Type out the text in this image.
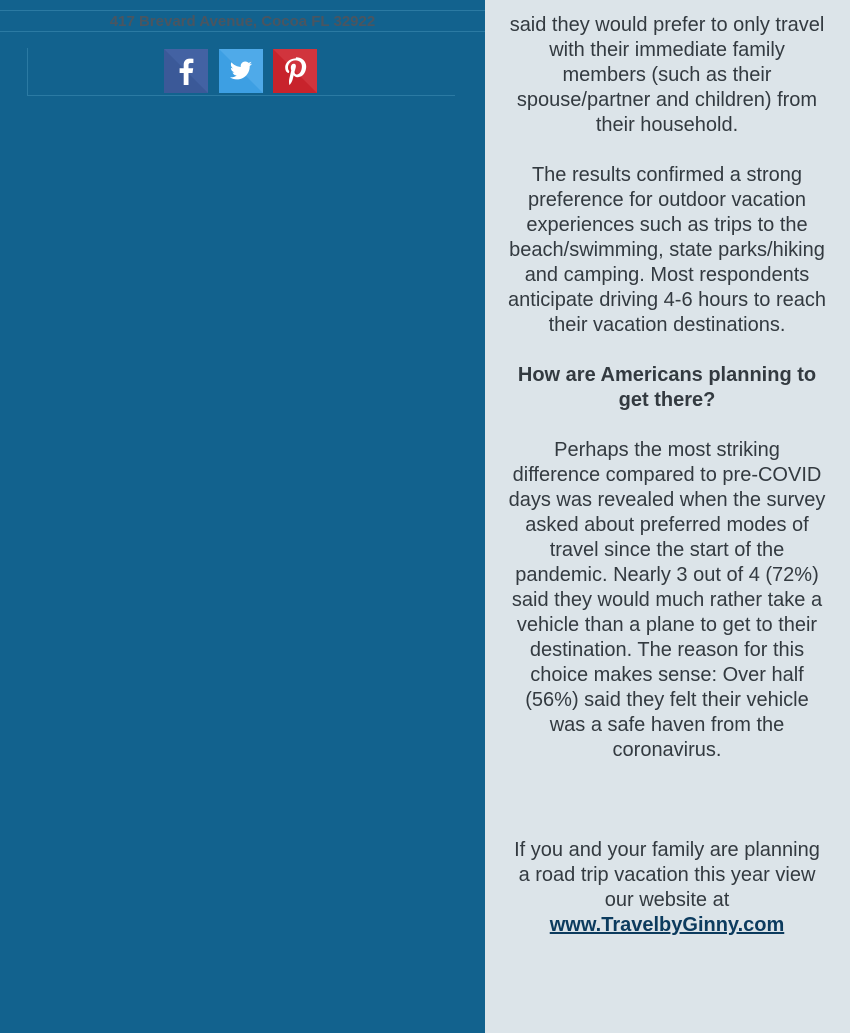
417 Brevard Avenue, Cocoa FL 32922	said they would prefer to only travel with their immediate family members (such as their spouse/partner and children) from their household.

The results confirmed a strong preference for outdoor vacation experiences such as trips to the beach/swimming, state parks/hiking and camping. Most respondents anticipate driving 4-6 hours to reach their vacation destinations.

How are Americans planning to get there?

Perhaps the most striking difference compared to pre-COVID days was revealed when the survey asked about preferred modes of travel since the start of the pandemic. Nearly 3 out of 4 (72%) said they would much rather take a vehicle than a plane to get to their destination. The reason for this choice makes sense: Over half (56%) said they felt their vehicle was a safe haven from the coronavirus.

If you and your family are planning a road trip vacation this year view our website at www.TravelbyGinny.com
